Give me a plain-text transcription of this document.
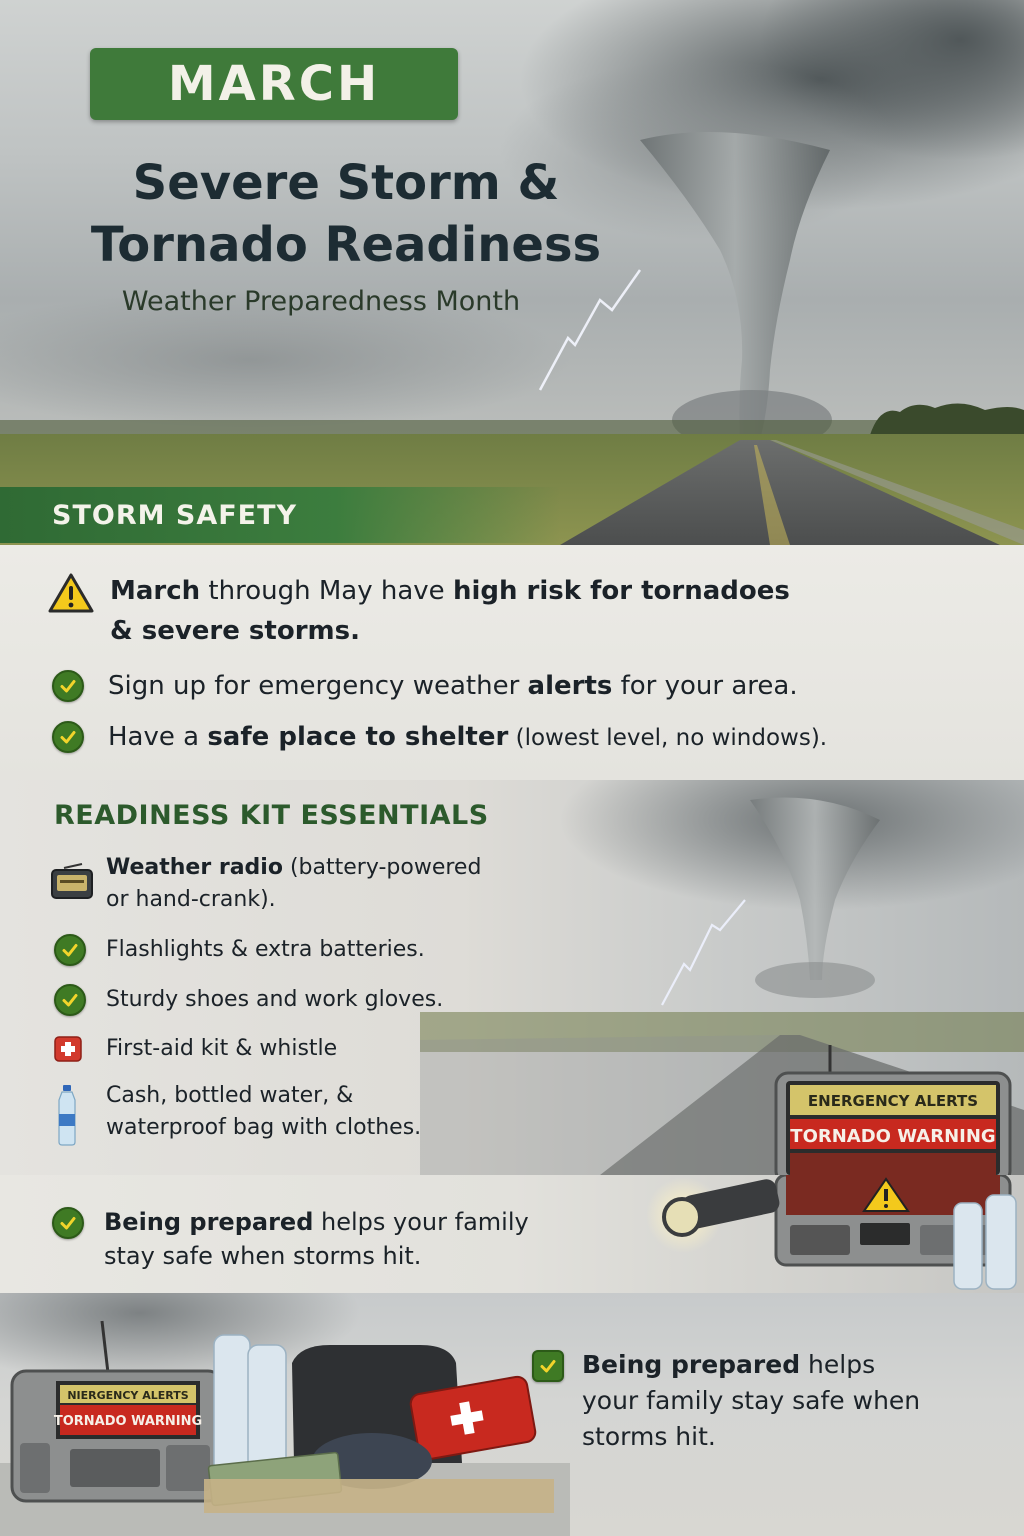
MARCH
Severe Storm &
Tornado Readiness
Weather Preparedness Month
STORM SAFETY
March through May have high risk for tornadoes
& severe storms.
Sign up for emergency weather alerts for your area.
Have a safe place to shelter (lowest level, no windows).
READINESS KIT ESSENTIALS
Weather radio (battery-powered
or hand-crank).
Flashlights & extra batteries.
Sturdy shoes and work gloves.
First-aid kit & whistle
Cash, bottled water, &
waterproof bag with clothes.
ENERGENCY ALERTS
TORNADO WARNING
Being prepared helps your family
stay safe when storms hit.
NIERGENCY ALERTS
TORNADO WARNING
Being prepared helps
your family stay safe when
storms hit.
